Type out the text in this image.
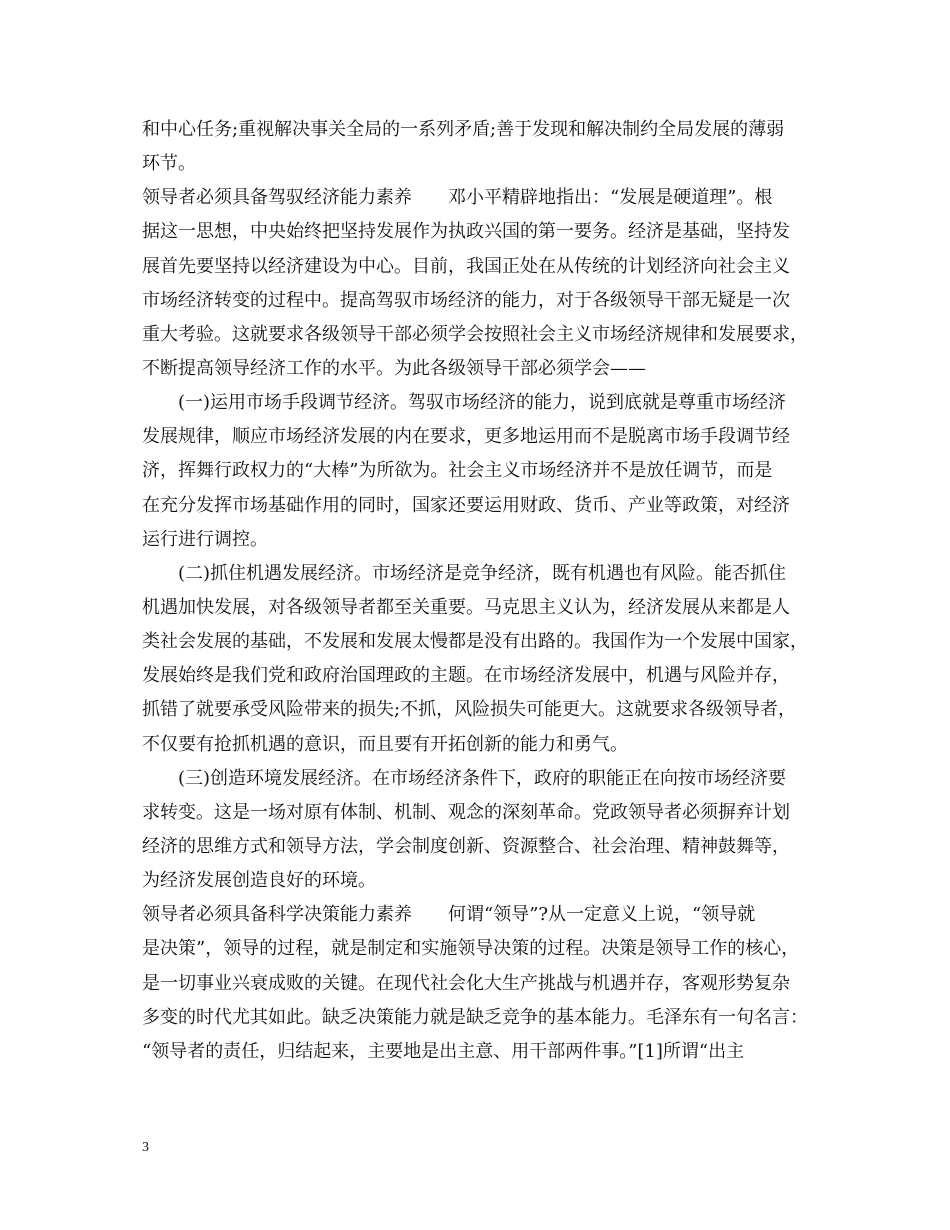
和中心任务;重视解决事关全局的一系列矛盾;善于发现和解决制约全局发展的薄弱
环节。
领导者必须具备驾驭经济能力素养　　邓小平精辟地指出：“发展是硬道理”。根
据这一思想，中央始终把坚持发展作为执政兴国的第一要务。经济是基础，坚持发
展首先要坚持以经济建设为中心。目前，我国正处在从传统的计划经济向社会主义
市场经济转变的过程中。提高驾驭市场经济的能力，对于各级领导干部无疑是一次
重大考验。这就要求各级领导干部必须学会按照社会主义市场经济规律和发展要求，
不断提高领导经济工作的水平。为此各级领导干部必须学会——
　　(一)运用市场手段调节经济。驾驭市场经济的能力，说到底就是尊重市场经济
发展规律，顺应市场经济发展的内在要求，更多地运用而不是脱离市场手段调节经
济，挥舞行政权力的“大棒”为所欲为。社会主义市场经济并不是放任调节，而是
在充分发挥市场基础作用的同时，国家还要运用财政、货币、产业等政策，对经济
运行进行调控。
　　(二)抓住机遇发展经济。市场经济是竞争经济，既有机遇也有风险。能否抓住
机遇加快发展，对各级领导者都至关重要。马克思主义认为，经济发展从来都是人
类社会发展的基础，不发展和发展太慢都是没有出路的。我国作为一个发展中国家，
发展始终是我们党和政府治国理政的主题。在市场经济发展中，机遇与风险并存，
抓错了就要承受风险带来的损失;不抓，风险损失可能更大。这就要求各级领导者，
不仅要有抢抓机遇的意识，而且要有开拓创新的能力和勇气。
　　(三)创造环境发展经济。在市场经济条件下，政府的职能正在向按市场经济要
求转变。这是一场对原有体制、机制、观念的深刻革命。党政领导者必须摒弃计划
经济的思维方式和领导方法，学会制度创新、资源整合、社会治理、精神鼓舞等，
为经济发展创造良好的环境。
领导者必须具备科学决策能力素养　　何谓“领导”?从一定意义上说，“领导就
是决策”，领导的过程，就是制定和实施领导决策的过程。决策是领导工作的核心，
是一切事业兴衰成败的关键。在现代社会化大生产挑战与机遇并存，客观形势复杂
多变的时代尤其如此。缺乏决策能力就是缺乏竞争的基本能力。毛泽东有一句名言：
“领导者的责任，归结起来，主要地是出主意、用干部两件事。”[1]所谓“出主
3
